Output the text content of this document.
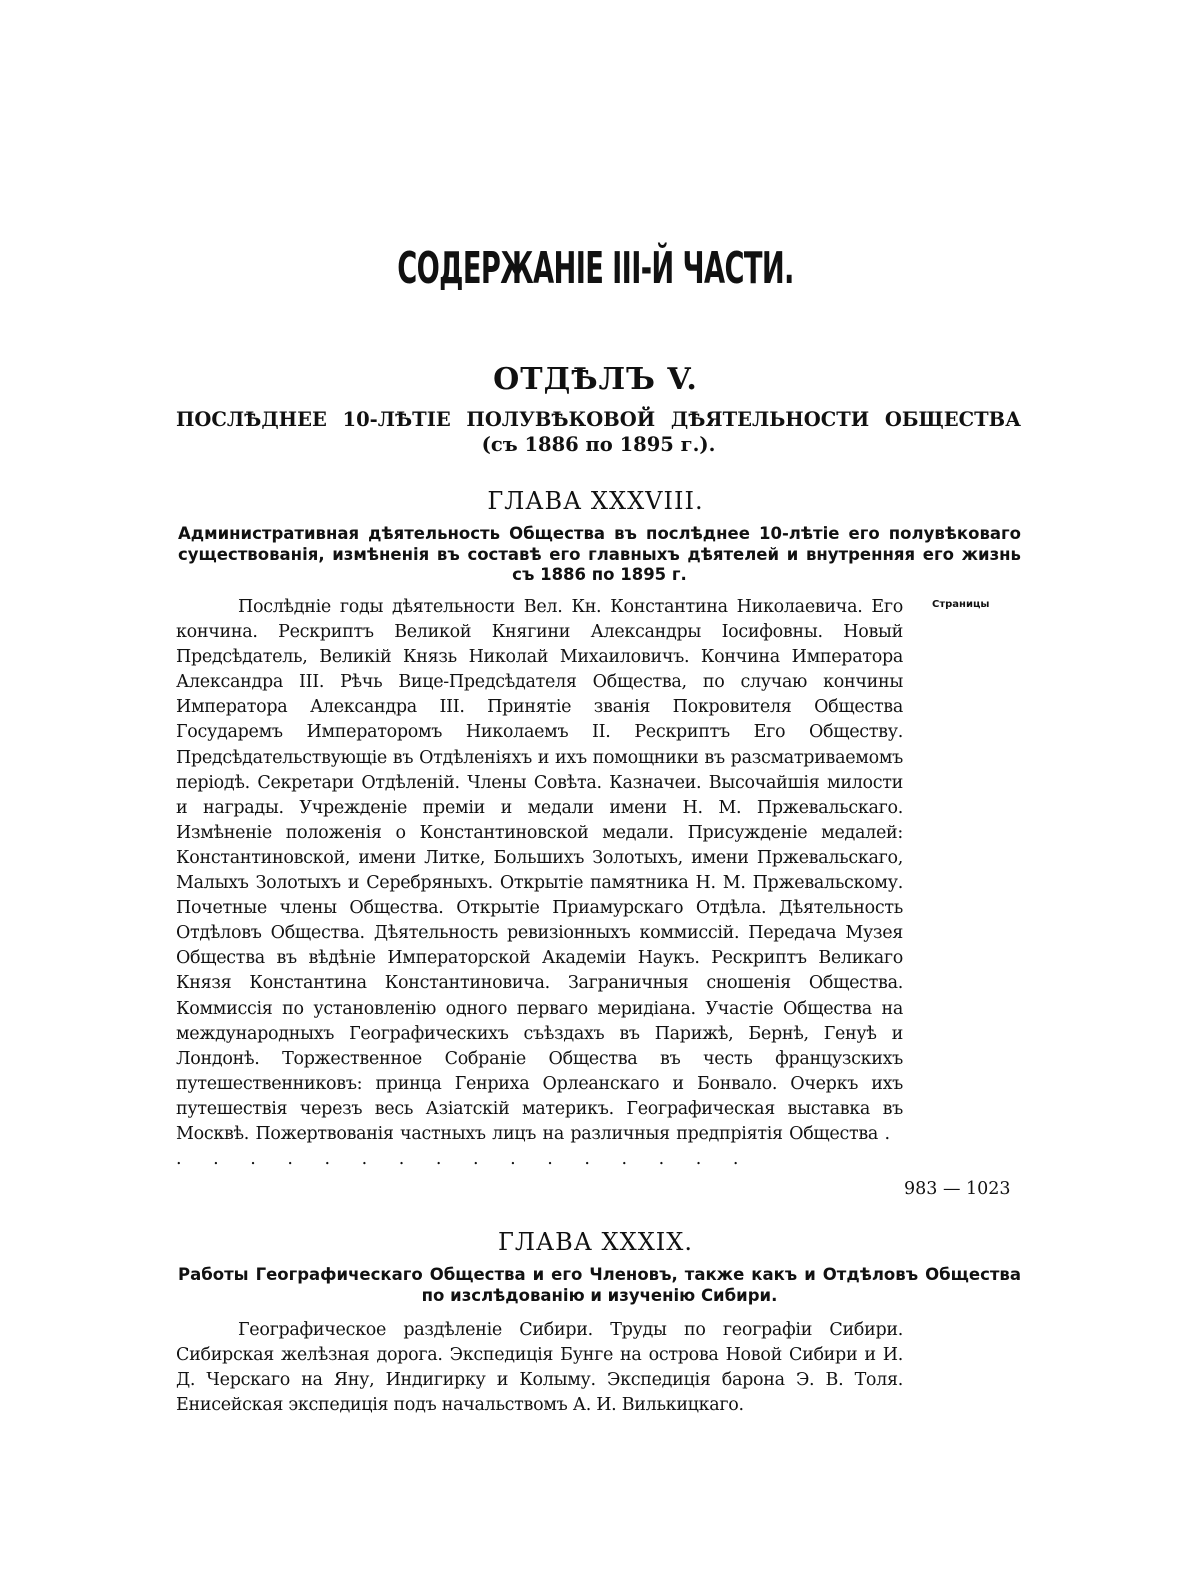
СОДЕРЖАНІЕ III-Й ЧАСТИ.
ОТДѢЛЪ V.
ПОСЛѢДНЕЕ 10-ЛѢТІЕ ПОЛУВѢКОВОЙ ДѢЯТЕЛЬНОСТИ ОБЩЕСТВА (съ 1886 по 1895 г.).
ГЛАВА XXXVIII.
Административная дѣятельность Общества въ послѣднее 10-лѣтіе его полувѣковаго существованія, измѣненія въ составѣ его главныхъ дѣятелей и внутренняя его жизнь съ 1886 по 1895 г.
Страницы
Послѣдніе годы дѣятельности Вел. Кн. Константина Николаевича. Его кончина. Рескриптъ Великой Княгини Александры Іосифовны. Новый Предсѣдатель, Великій Князь Николай Михаиловичъ. Кончина Императора Александра III. Рѣчь Вице-Предсѣдателя Общества, по случаю кончины Императора Александра III. Принятіе званія Покровителя Общества Государемъ Императоромъ Николаемъ II. Рескриптъ Его Обществу. Предсѣдательствующіе въ Отдѣленіяхъ и ихъ помощники въ разсматриваемомъ періодѣ. Секретари Отдѣленій. Члены Совѣта. Казначеи. Высочайшія милости и награды. Учрежденіе преміи и медали имени Н. М. Пржевальскаго. Измѣненіе положенія о Константиновской медали. Присужденіе медалей: Константиновской, имени Литке, Большихъ Золотыхъ, имени Пржевальскаго, Малыхъ Золотыхъ и Серебряныхъ. Открытіе памятника Н. М. Пржевальскому. Почетные члены Общества. Открытіе Приамурскаго Отдѣла. Дѣятельность Отдѣловъ Общества. Дѣятельность ревизіонныхъ коммиссій. Передача Музея Общества въ вѣдѣніе Императорской Академіи Наукъ. Рескриптъ Великаго Князя Константина Константиновича. Заграничныя сношенія Общества. Коммиссія по установленію одного перваго меридіана. Участіе Общества на международныхъ Географическихъ съѣздахъ въ Парижѣ, Бернѣ, Генуѣ и Лондонѣ. Торжественное Собраніе Общества въ честь французскихъ путешественниковъ: принца Генриха Орлеанскаго и Бонвало. Очеркъ ихъ путешествія черезъ весь Азіатскій материкъ. Географическая выставка въ Москвѣ. Пожертвованія частныхъ лицъ на различныя предпріятія Общества . . . . . . . . . . . . . . . . .
983 — 1023
ГЛАВА XXXIX.
Работы Географическаго Общества и его Членовъ, также какъ и Отдѣловъ Общества по изслѣдованію и изученію Сибири.
Географическое раздѣленіе Сибири. Труды по географіи Сибири. Сибирская желѣзная дорога. Экспедиція Бунге на острова Новой Сибири и И. Д. Черскаго на Яну, Индигирку и Колыму. Экспедиція барона Э. В. Толя. Енисейская экспедиція подъ начальствомъ А. И. Вилькицкаго.
